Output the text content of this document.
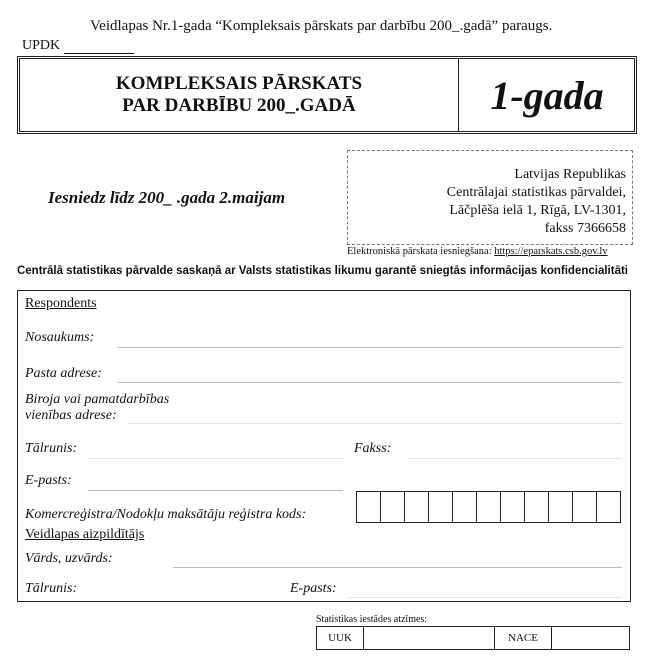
Veidlapas Nr.1-gada “Kompleksais pārskats par darbību 200_.gadā” paraugs.
UPDK
KOMPLEKSAIS PĀRSKATS
PAR DARBĪBU 200_.GADĀ	1-gada
Iesniedz līdz 200_ .gada 2.maijam
Latvijas Republikas
Centrālajai statistikas pārvaldei,
Lāčplēša ielā 1, Rīgā, LV-1301,
fakss 7366658
Elektroniskā pārskata iesniegšana: https://eparskats.csb.gov.lv
Centrālā statistikas pārvalde saskaņā ar Valsts statistikas likumu garantē sniegtās informācijas konfidencialitāti
Respondents
Nosaukums:
Pasta adrese:
Biroja vai pamatdarbības
vienības adrese:
Tālrunis:	Fakss:
E-pasts:
Komercreģistra/Nodokļu maksātāju reģistra kods:
Veidlapas aizpildītājs
Vārds, uzvārds:
Tālrunis:	E-pasts:
Statistikas iestādes atzīmes:
UUK	NACE
